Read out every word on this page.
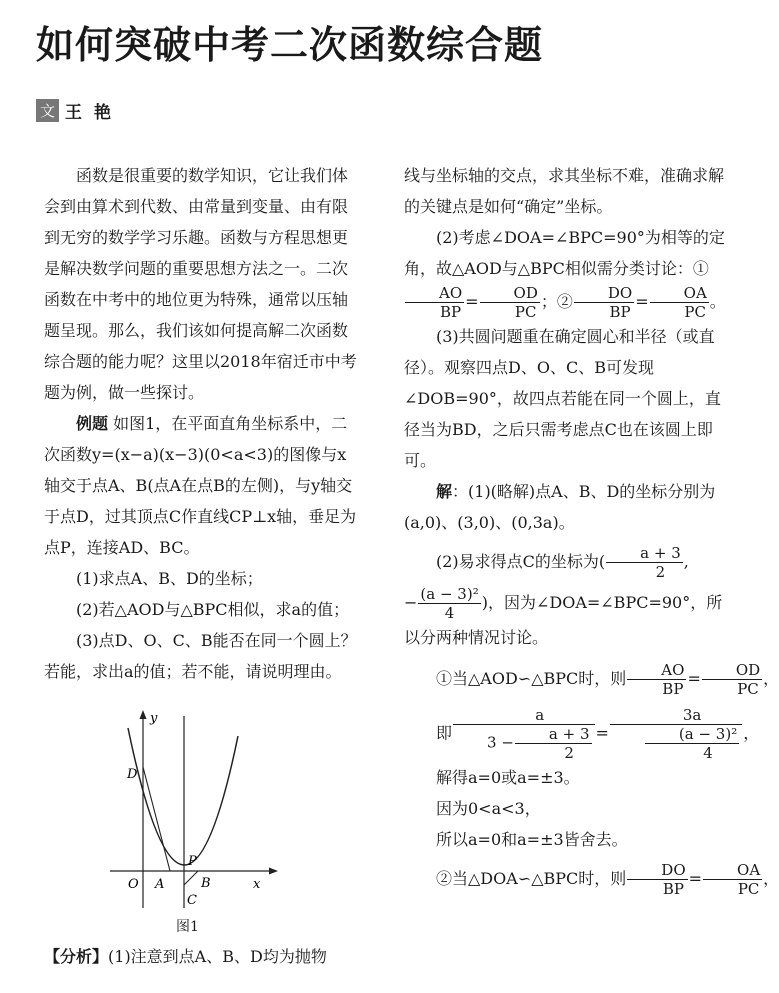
如何突破中考二次函数综合题
文 王艳

函数是很重要的数学知识，它让我们体会到由算术到代数、由常量到变量、由有限到无穷的数学学习乐趣。函数与方程思想更是解决数学问题的重要思想方法之一。二次函数在中考中的地位更为特殊，通常以压轴题呈现。那么，我们该如何提高解二次函数综合题的能力呢？这里以2018年宿迁市中考题为例，做一些探讨。

例题 如图1，在平面直角坐标系中，二次函数y=(x−a)(x−3)(0<a<3)的图像与x轴交于点A、B(点A在点B的左侧)，与y轴交于点D，过其顶点C作直线CP⊥x轴，垂足为点P，连接AD、BC。

(1)求点A、B、D的坐标；

(2)若△AOD与△BPC相似，求a的值；

(3)点D、O、C、B能否在同一个圆上？若能，求出a的值；若不能，请说明理由。

y
x
D
P
O A	B
C
图1
【分析】(1)注意到点A、B、D均为抛物

线与坐标轴的交点，求其坐标不难，准确求解的关键点是如何“确定”坐标。

(2)考虑∠DOA=∠BPC=90°为相等的定角，故△AOD与△BPC相似需分类讨论：①
$\frac{AO}{BP} = \frac{OD}{PC}$ ；② $\frac{DO}{BP} = \frac{OA}{PC}$ 。

(3)共圆问题重在确定圆心和半径（或直径）。观察四点D、O、C、B可发现∠DOB=90°，故四点若能在同一个圆上，直径当为BD，之后只需考虑点C也在该圆上即可。

解：(1)(略解)点A、B、D的坐标分别为(a,0)、(3,0)、(0,3a)。

(2)易求得点C的坐标为( $\frac{a + 3}{2}$ ,

− $\frac{\text{(a − 3)²}}{4}$ )，因为∠DOA=∠BPC=90°，所以分两种情况讨论。

①当△AOD∽△BPC时，则 $\frac{AO}{BP} = \frac{OD}{PC}$ ，

即 $\frac{a}{3 - \frac{a + 3}{2}} = \frac{3a}{\frac{\text{(a − 3)²}}{4}}$ ，

解得a=0或a=±3。

因为0<a<3，

所以a=0和a=±3皆舍去。

②当△DOA∽△BPC时，则 $\frac{DO}{BP} = \frac{OA}{PC}$ ，
